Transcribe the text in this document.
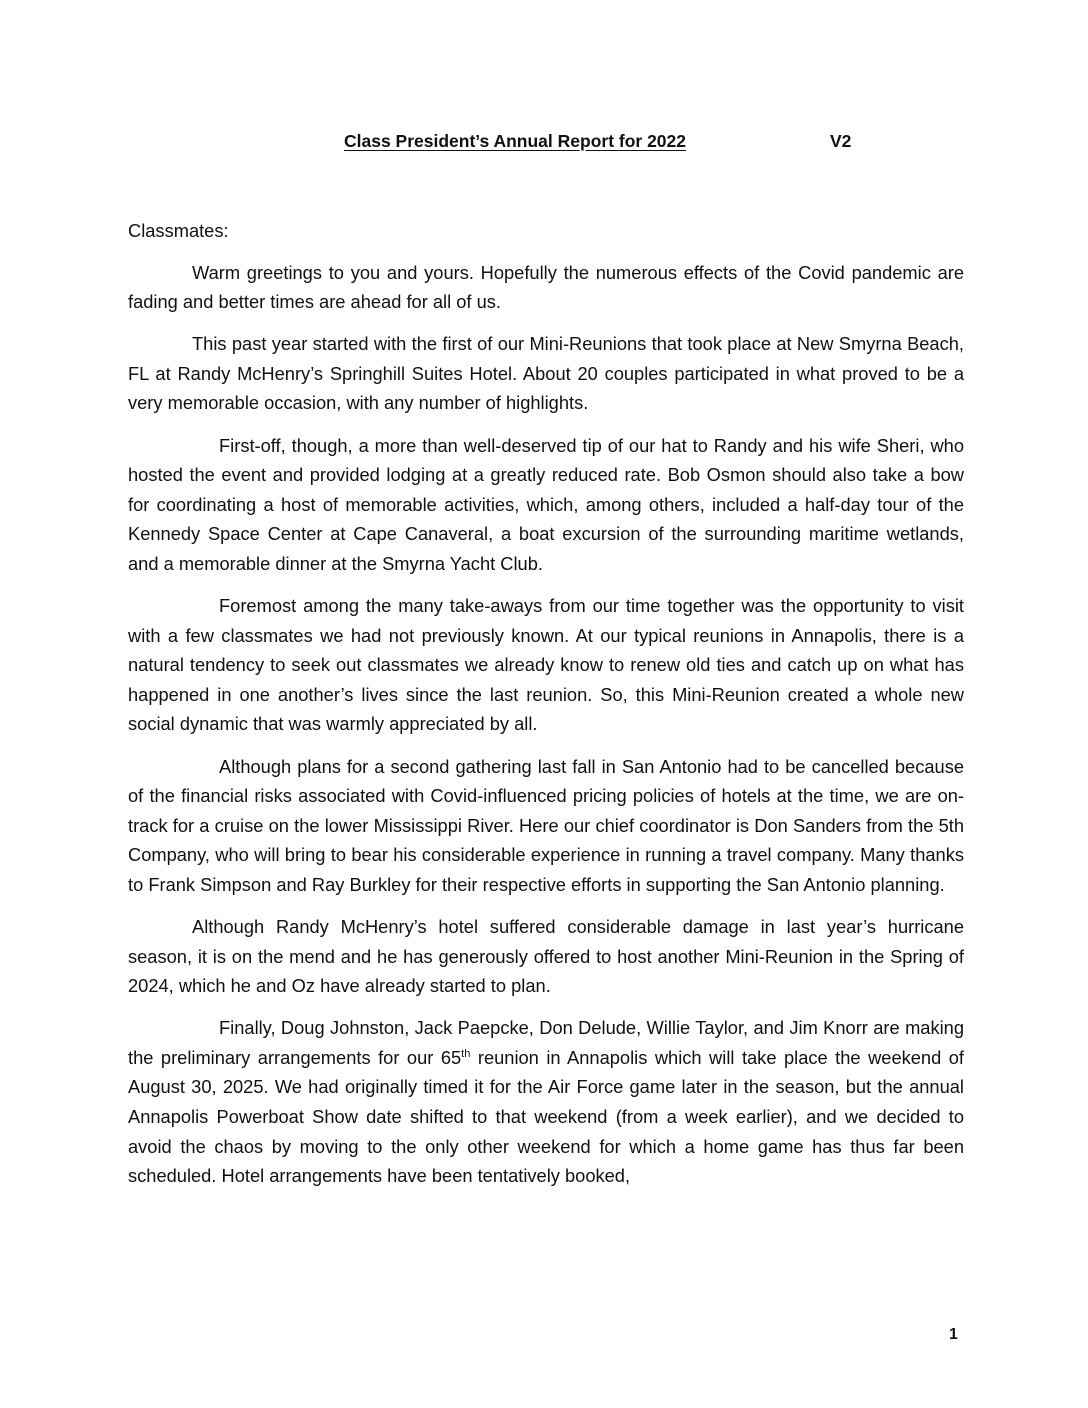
Class President’s Annual Report for 2022	V2
Classmates:

Warm greetings to you and yours. Hopefully the numerous effects of the Covid pandemic are fading and better times are ahead for all of us.

This past year started with the first of our Mini-Reunions that took place at New Smyrna Beach, FL at Randy McHenry’s Springhill Suites Hotel. About 20 couples participated in what proved to be a very memorable occasion, with any number of highlights.

First-off, though, a more than well-deserved tip of our hat to Randy and his wife Sheri, who hosted the event and provided lodging at a greatly reduced rate. Bob Osmon should also take a bow for coordinating a host of memorable activities, which, among others, included a half-day tour of the Kennedy Space Center at Cape Canaveral, a boat excursion of the surrounding maritime wetlands, and a memorable dinner at the Smyrna Yacht Club.

Foremost among the many take-aways from our time together was the opportunity to visit with a few classmates we had not previously known. At our typical reunions in Annapolis, there is a natural tendency to seek out classmates we already know to renew old ties and catch up on what has happened in one another’s lives since the last reunion. So, this Mini-Reunion created a whole new social dynamic that was warmly appreciated by all.

Although plans for a second gathering last fall in San Antonio had to be cancelled because of the financial risks associated with Covid-influenced pricing policies of hotels at the time, we are on-track for a cruise on the lower Mississippi River. Here our chief coordinator is Don Sanders from the 5th Company, who will bring to bear his considerable experience in running a travel company. Many thanks to Frank Simpson and Ray Burkley for their respective efforts in supporting the San Antonio planning.

Although Randy McHenry’s hotel suffered considerable damage in last year’s hurricane season, it is on the mend and he has generously offered to host another Mini-Reunion in the Spring of 2024, which he and Oz have already started to plan.

Finally, Doug Johnston, Jack Paepcke, Don Delude, Willie Taylor, and Jim Knorr are making the preliminary arrangements for our 65th reunion in Annapolis which will take place the weekend of August 30, 2025. We had originally timed it for the Air Force game later in the season, but the annual Annapolis Powerboat Show date shifted to that weekend (from a week earlier), and we decided to avoid the chaos by moving to the only other weekend for which a home game has thus far been scheduled. Hotel arrangements have been tentatively booked,

1
